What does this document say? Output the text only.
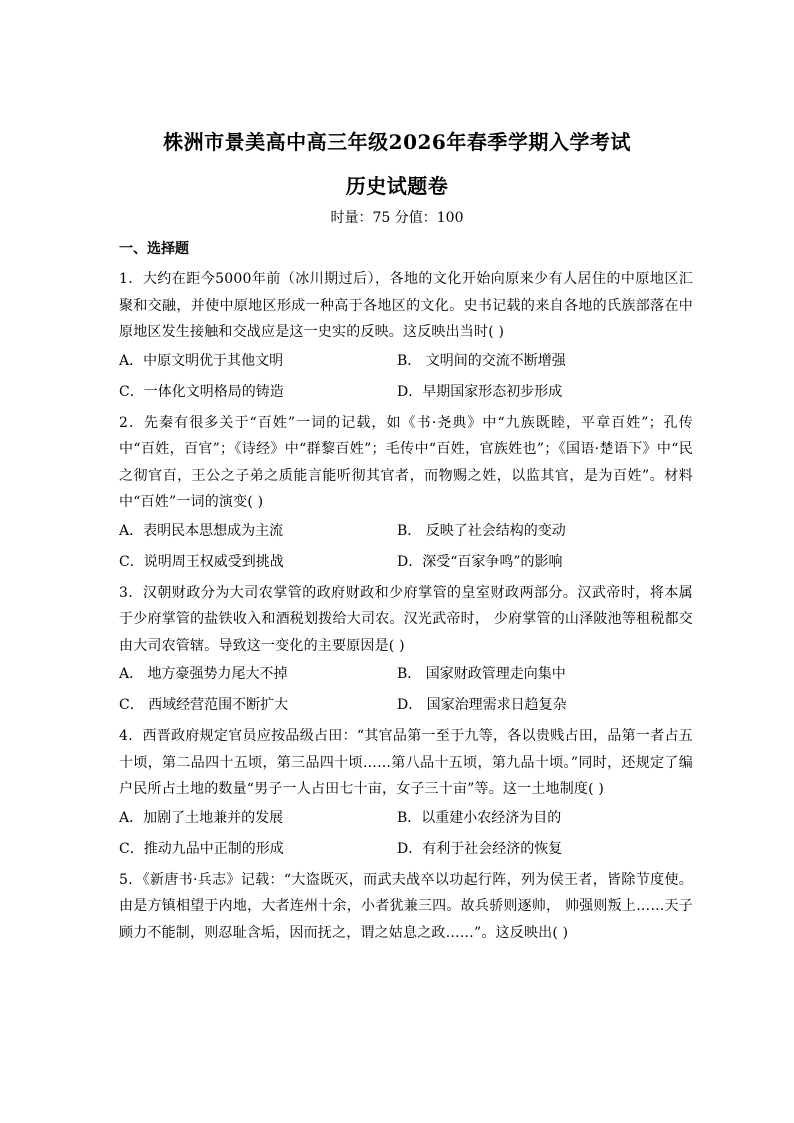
株洲市景美高中高三年级2026年春季学期入学考试
历史试题卷
时量：75 分值：100
一、选择题
1．大约在距今5000年前（冰川期过后），各地的文化开始向原来少有人居住的中原地区汇聚和交融，并使中原地区形成一种高于各地区的文化。史书记载的来自各地的氏族部落在中原地区发生接触和交战应是这一史实的反映。这反映出当时( )
A．中原文明优于其他文明	B． 文明间的交流不断增强
C．一体化文明格局的铸造	D．早期国家形态初步形成
2．先秦有很多关于“百姓”一词的记载，如《书·尧典》中“九族既睦，平章百姓”；孔传中“百姓，百官”；《诗经》中“群黎百姓”；毛传中“百姓，官族姓也”；《国语·楚语下》中“民之彻官百，王公之子弟之质能言能听彻其官者，而物赐之姓，以监其官，是为百姓”。材料中“百姓”一词的演变( )
A．表明民本思想成为主流	B． 反映了社会结构的变动
C．说明周王权威受到挑战	D．深受“百家争鸣”的影响
3．汉朝财政分为大司农掌管的政府财政和少府掌管的皇室财政两部分。汉武帝时，将本属于少府掌管的盐铁收入和酒税划拨给大司农。汉光武帝时， 少府掌管的山泽陂池等租税都交由大司农管辖。导致这一变化的主要原因是( )
A． 地方豪强势力尾大不掉	B． 国家财政管理走向集中
C． 西域经营范围不断扩大	D． 国家治理需求日趋复杂
4．西晋政府规定官员应按品级占田：“其官品第一至于九等，各以贵贱占田，品第一者占五十顷，第二品四十五顷，第三品四十顷……第八品十五顷，第九品十顷。”同时，还规定了编户民所占土地的数量“男子一人占田七十亩，女子三十亩”等。这一土地制度( )
A．加剧了土地兼并的发展	B．以重建小农经济为目的
C．推动九品中正制的形成	D．有利于社会经济的恢复
5．《新唐书·兵志》记载：“大盗既灭，而武夫战卒以功起行阵，列为侯王者，皆除节度使。由是方镇相望于内地，大者连州十余，小者犹兼三四。故兵骄则逐帅， 帅强则叛上……天子顾力不能制，则忍耻含垢，因而抚之，谓之姑息之政……”。这反映出( )
